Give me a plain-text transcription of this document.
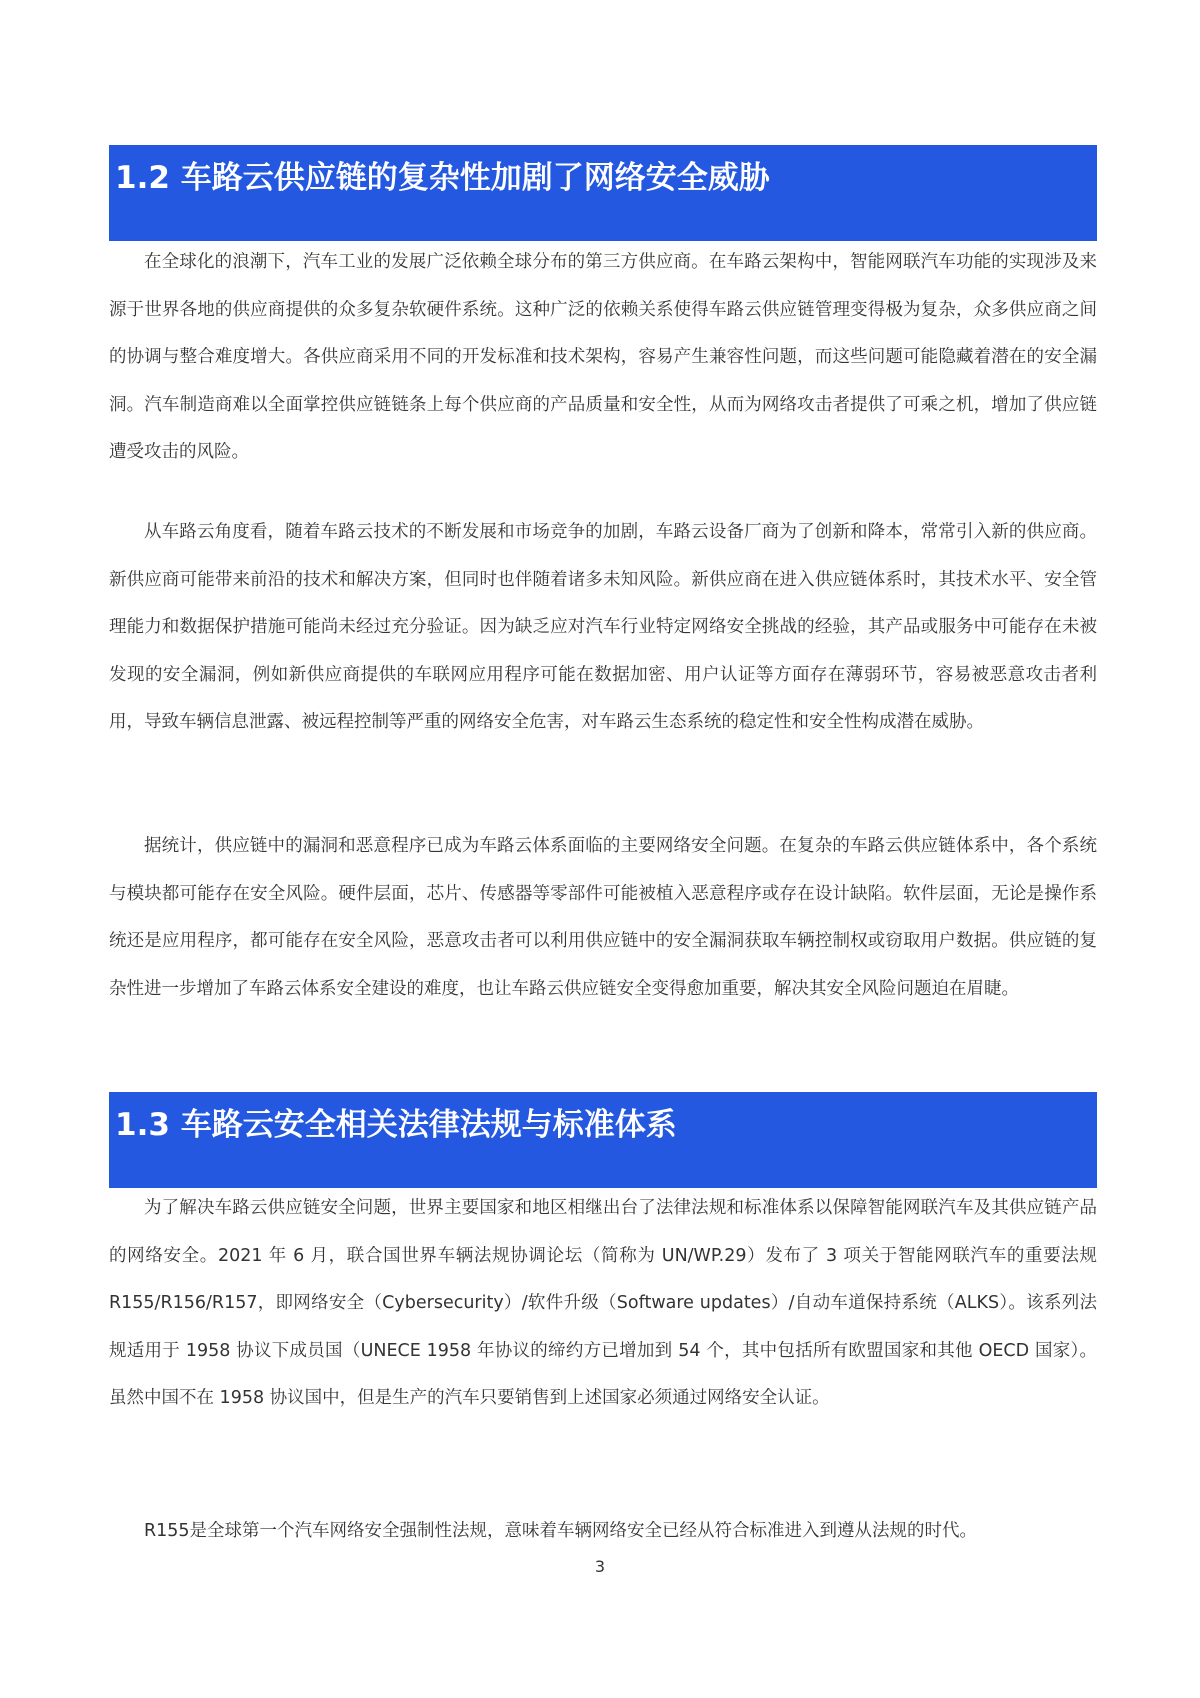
1.2 车路云供应链的复杂性加剧了网络安全威胁

在全球化的浪潮下，汽车工业的发展广泛依赖全球分布的第三方供应商。在车路云架构中，智能网联汽车功能的实现涉及来源于世界各地的供应商提供的众多复杂软硬件系统。这种广泛的依赖关系使得车路云供应链管理变得极为复杂，众多供应商之间的协调与整合难度增大。各供应商采用不同的开发标准和技术架构，容易产生兼容性问题，而这些问题可能隐藏着潜在的安全漏洞。汽车制造商难以全面掌控供应链链条上每个供应商的产品质量和安全性，从而为网络攻击者提供了可乘之机，增加了供应链遭受攻击的风险。

从车路云角度看，随着车路云技术的不断发展和市场竞争的加剧，车路云设备厂商为了创新和降本，常常引入新的供应商。新供应商可能带来前沿的技术和解决方案，但同时也伴随着诸多未知风险。新供应商在进入供应链体系时，其技术水平、安全管理能力和数据保护措施可能尚未经过充分验证。因为缺乏应对汽车行业特定网络安全挑战的经验，其产品或服务中可能存在未被发现的安全漏洞，例如新供应商提供的车联网应用程序可能在数据加密、用户认证等方面存在薄弱环节，容易被恶意攻击者利用，导致车辆信息泄露、被远程控制等严重的网络安全危害，对车路云生态系统的稳定性和安全性构成潜在威胁。

据统计，供应链中的漏洞和恶意程序已成为车路云体系面临的主要网络安全问题。在复杂的车路云供应链体系中，各个系统与模块都可能存在安全风险。硬件层面，芯片、传感器等零部件可能被植入恶意程序或存在设计缺陷。软件层面，无论是操作系统还是应用程序，都可能存在安全风险，恶意攻击者可以利用供应链中的安全漏洞获取车辆控制权或窃取用户数据。供应链的复杂性进一步增加了车路云体系安全建设的难度，也让车路云供应链安全变得愈加重要，解决其安全风险问题迫在眉睫。

1.3 车路云安全相关法律法规与标准体系

为了解决车路云供应链安全问题，世界主要国家和地区相继出台了法律法规和标准体系以保障智能网联汽车及其供应链产品的网络安全。2021 年 6 月，联合国世界车辆法规协调论坛（简称为 UN/WP.29）发布了 3 项关于智能网联汽车的重要法规 R155/R156/R157，即网络安全（Cybersecurity）/软件升级（Software updates）/自动车道保持系统（ALKS）。该系列法规适用于 1958 协议下成员国（UNECE 1958 年协议的缔约方已增加到 54 个，其中包括所有欧盟国家和其他 OECD 国家）。虽然中国不在 1958 协议国中，但是生产的汽车只要销售到上述国家必须通过网络安全认证。

R155是全球第一个汽车网络安全强制性法规，意味着车辆网络安全已经从符合标准进入到遵从法规的时代。

3
